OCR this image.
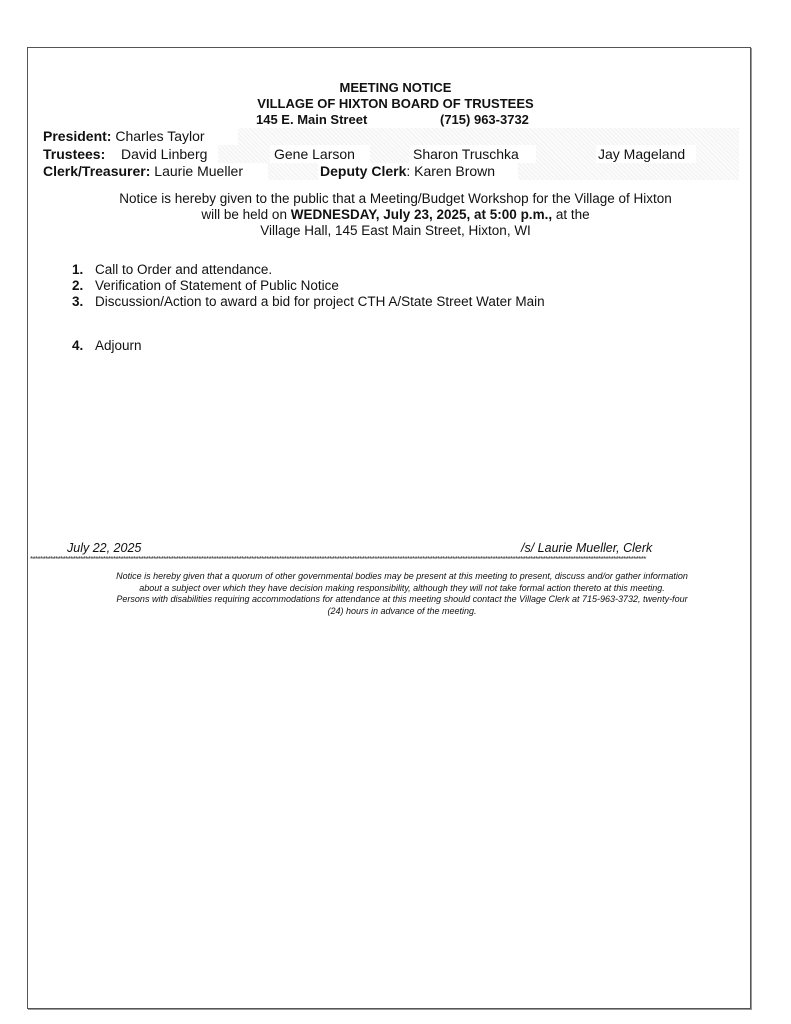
MEETING NOTICE
VILLAGE OF HIXTON BOARD OF TRUSTEES
145 E. Main Street	(715) 963-3732
President: Charles Taylor
Trustees: David Linberg	Gene Larson	Sharon Truschka	Jay Mageland
Clerk/Treasurer: Laurie Mueller	Deputy Clerk: Karen Brown
Notice is hereby given to the public that a Meeting/Budget Workshop for the Village of Hixton
will be held on WEDNESDAY, July 23, 2025, at 5:00 p.m., at the
Village Hall, 145 East Main Street, Hixton, WI
1. Call to Order and attendance.
2. Verification of Statement of Public Notice
3. Discussion/Action to award a bid for project CTH A/State Street Water Main
4. Adjourn
July 22, 2025	/s/ Laurie Mueller, Clerk
*****************************************************************************************************************************************************************************************************************************************************
Notice is hereby given that a quorum of other governmental bodies may be present at this meeting to present, discuss and/or gather information
about a subject over which they have decision making responsibility, although they will not take formal action thereto at this meeting.
Persons with disabilities requiring accommodations for attendance at this meeting should contact the Village Clerk at 715-963-3732, twenty-four
(24) hours in advance of the meeting.
